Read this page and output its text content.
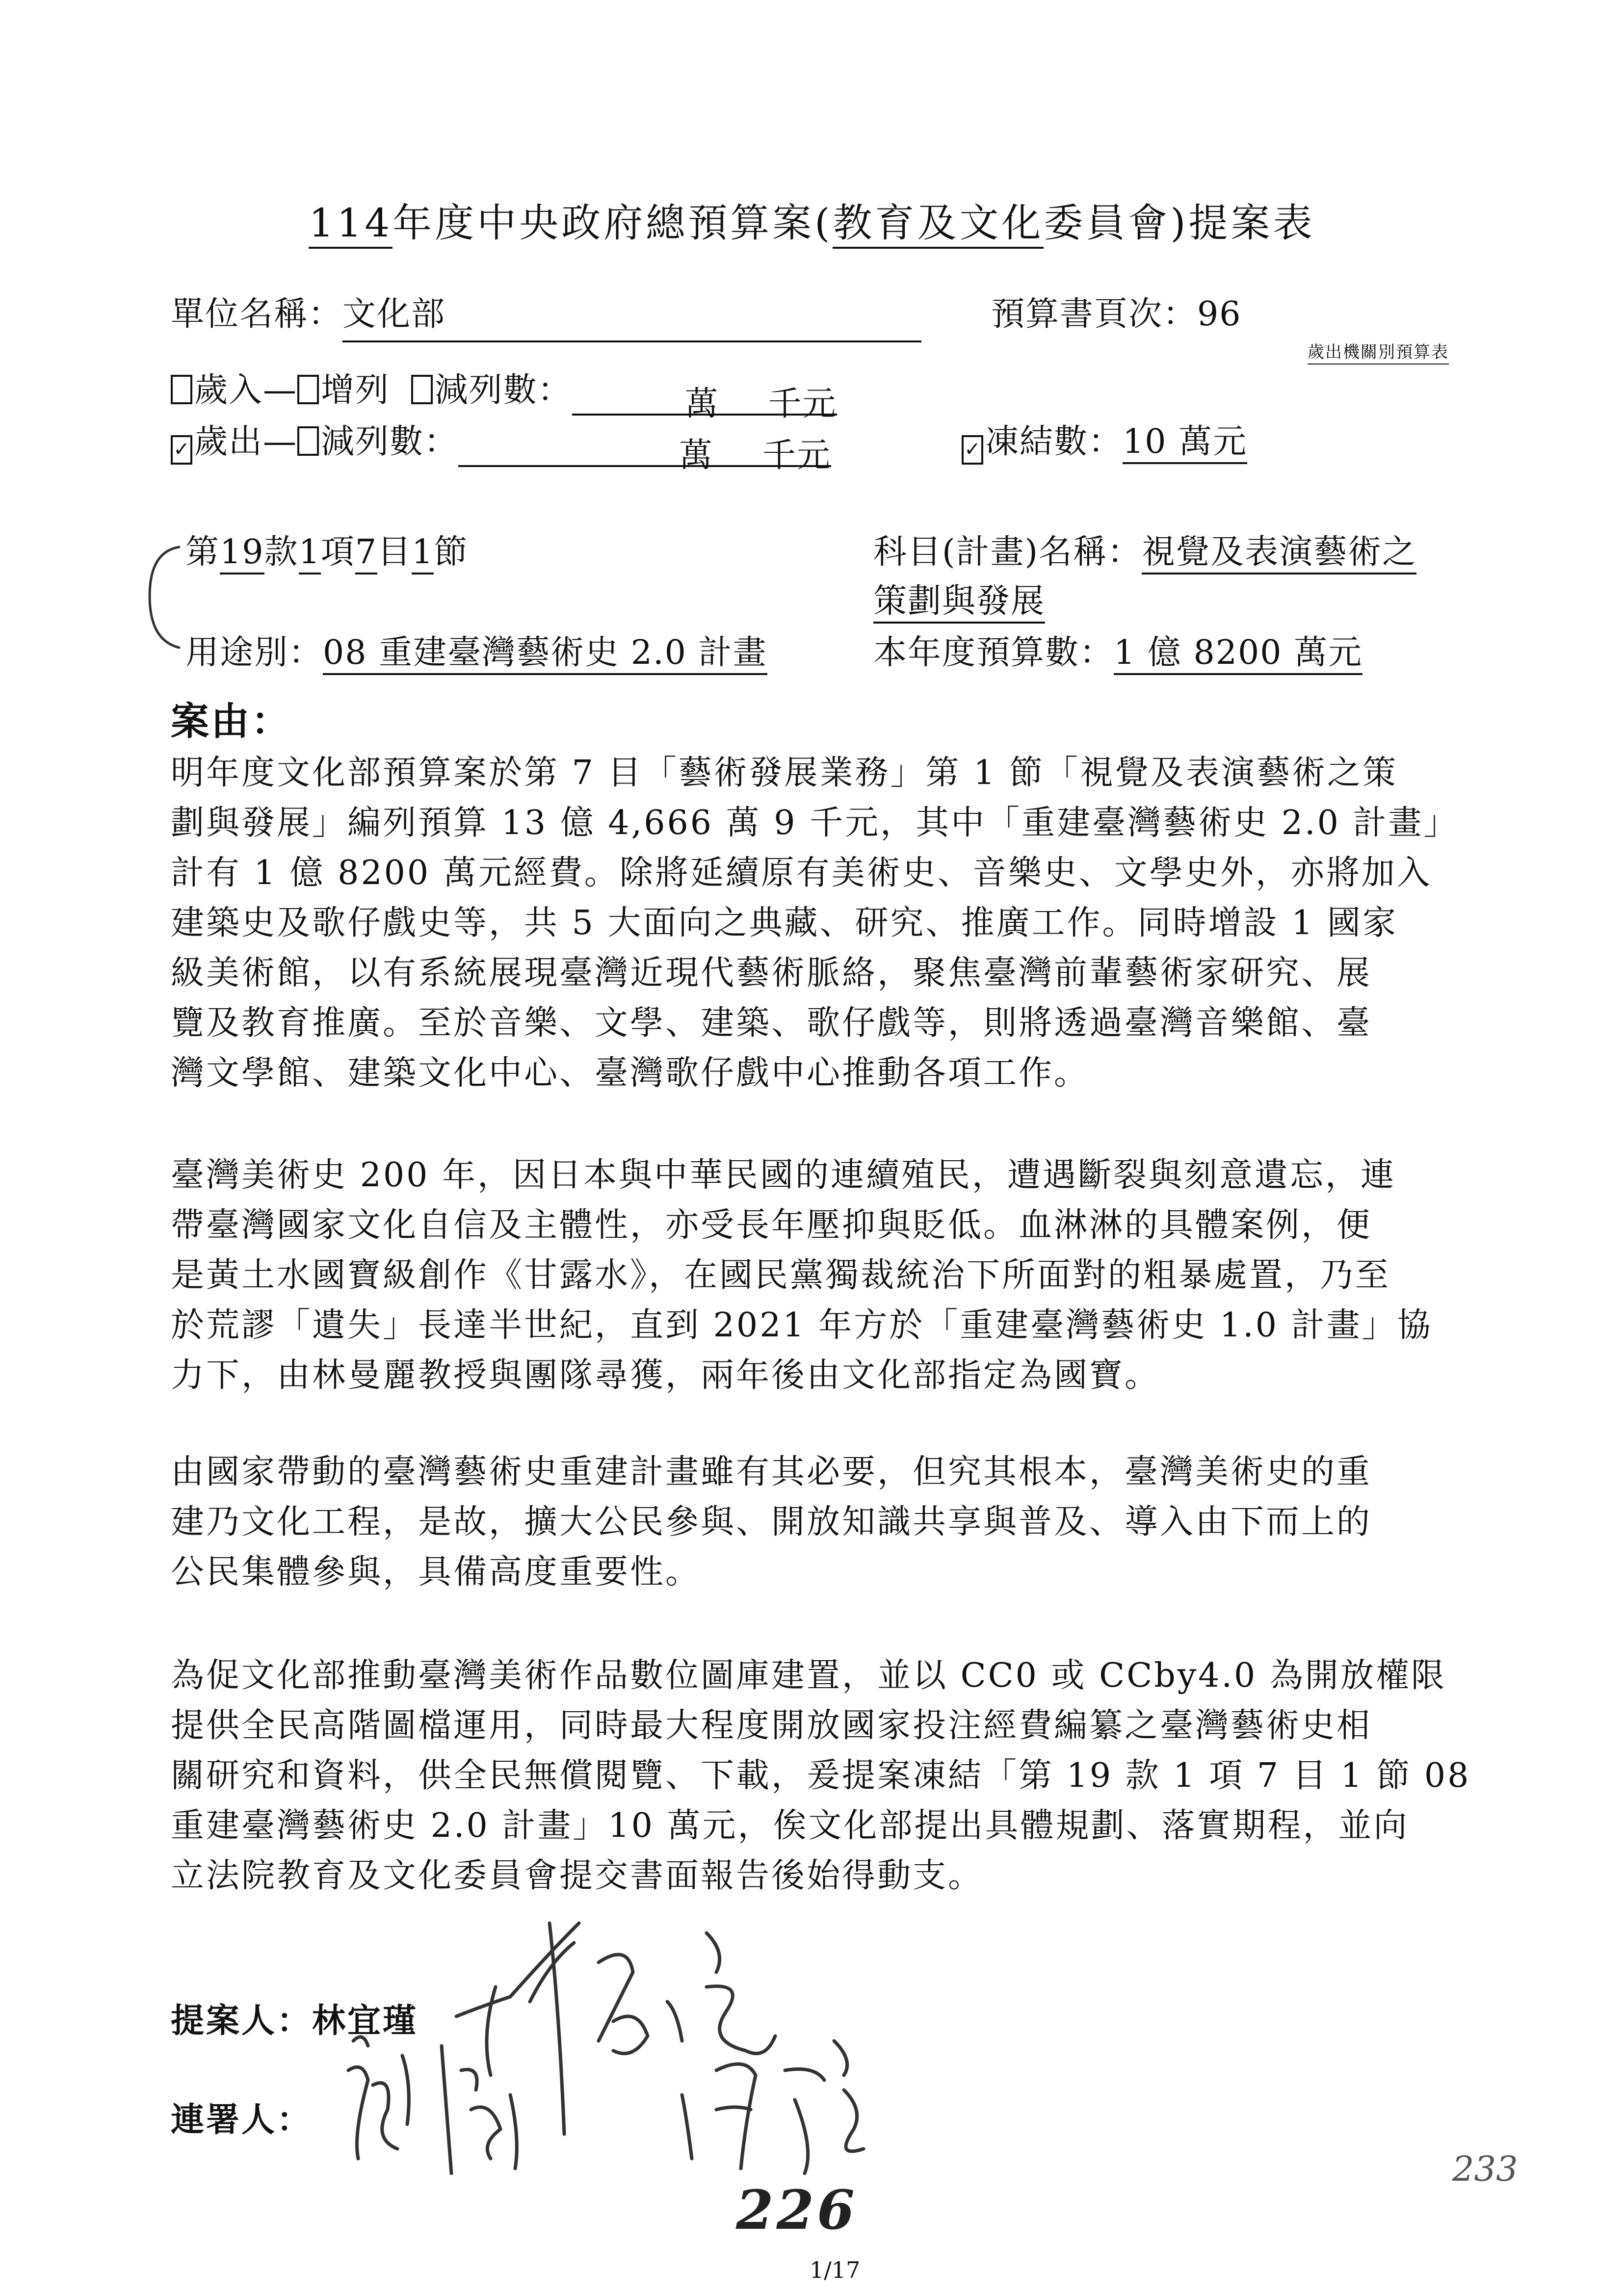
114年度中央政府總預算案(教育及文化委員會)提案表
單位名稱：文化部	預算書頁次：96
歲出機關別預算表
歲入— 增列 減列數：	萬 千元
✓ 歲出— 減列數：	萬 千元	✓ 凍結數：10 萬元
第19款1項7目1節	科目(計畫)名稱：視覺及表演藝術之
策劃與發展
用途別：08 重建臺灣藝術史 2.0 計畫	本年度預算數：1 億 8200 萬元
案由：
明年度文化部預算案於第 7 目「藝術發展業務」第 1 節「視覺及表演藝術之策
劃與發展」編列預算 13 億 4,666 萬 9 千元，其中「重建臺灣藝術史 2.0 計畫」
計有 1 億 8200 萬元經費。除將延續原有美術史、音樂史、文學史外，亦將加入
建築史及歌仔戲史等，共 5 大面向之典藏、研究、推廣工作。同時增設 1 國家
級美術館，以有系統展現臺灣近現代藝術脈絡，聚焦臺灣前輩藝術家研究、展
覽及教育推廣。至於音樂、文學、建築、歌仔戲等，則將透過臺灣音樂館、臺
灣文學館、建築文化中心、臺灣歌仔戲中心推動各項工作。
臺灣美術史 200 年，因日本與中華民國的連續殖民，遭遇斷裂與刻意遺忘，連
帶臺灣國家文化自信及主體性，亦受長年壓抑與貶低。血淋淋的具體案例，便
是黃土水國寶級創作《甘露水》，在國民黨獨裁統治下所面對的粗暴處置，乃至
於荒謬「遺失」長達半世紀，直到 2021 年方於「重建臺灣藝術史 1.0 計畫」協
力下，由林曼麗教授與團隊尋獲，兩年後由文化部指定為國寶。
由國家帶動的臺灣藝術史重建計畫雖有其必要，但究其根本，臺灣美術史的重
建乃文化工程，是故，擴大公民參與、開放知識共享與普及、導入由下而上的
公民集體參與，具備高度重要性。
為促文化部推動臺灣美術作品數位圖庫建置，並以 CC0 或 CCby4.0 為開放權限
提供全民高階圖檔運用，同時最大程度開放國家投注經費編纂之臺灣藝術史相
關研究和資料，供全民無償閱覽、下載，爰提案凍結「第 19 款 1 項 7 目 1 節 08
重建臺灣藝術史 2.0 計畫」10 萬元，俟文化部提出具體規劃、落實期程，並向
立法院教育及文化委員會提交書面報告後始得動支。
提案人：林宜瑾
連署人：
226
233
1/17
